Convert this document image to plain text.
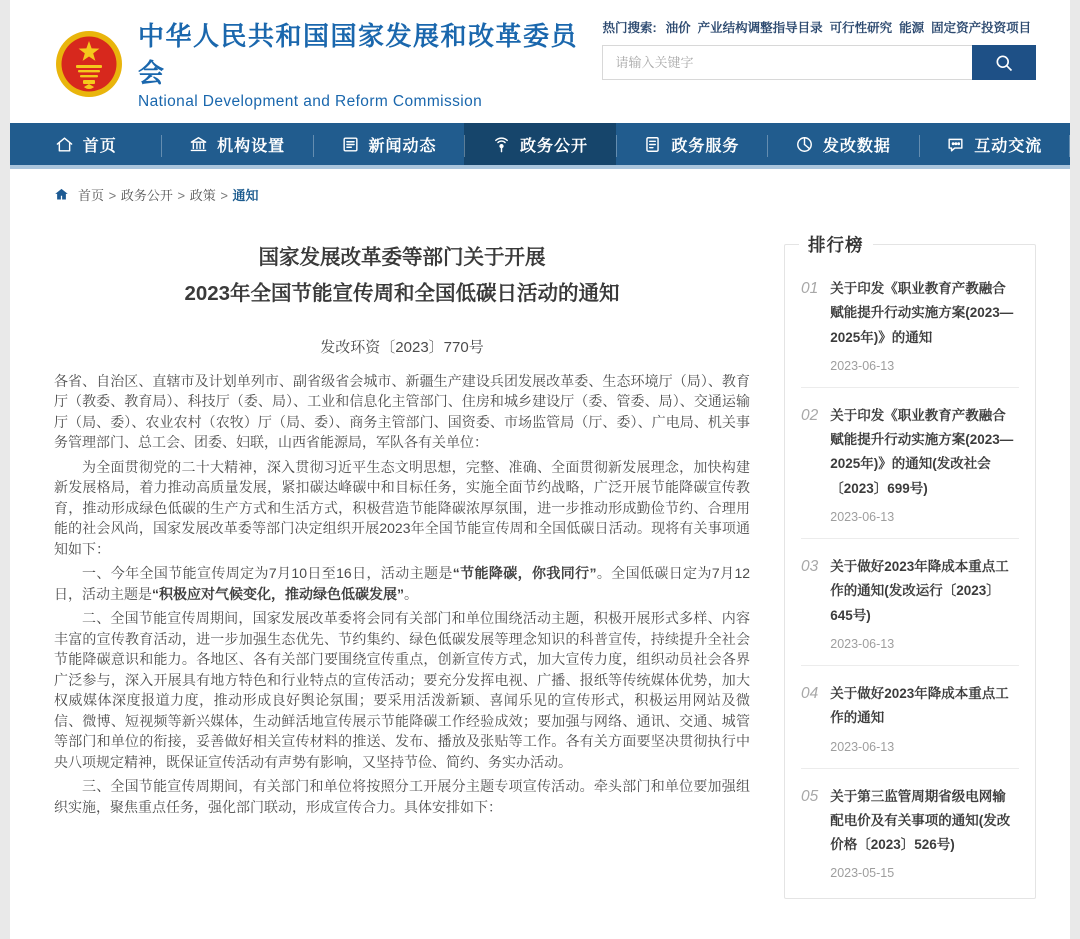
中华人民共和国国家发展和改革委员会
National Development and Reform Commission
热门搜索: 油价 产业结构调整指导目录 可行性研究 能源 固定资产投资项目
请输入关键字
首页	机构设置	新闻动态	政务公开	政务服务	发改数据	互动交流
首页 > 政务公开 > 政策 > 通知
国家发展改革委等部门关于开展
2023年全国节能宣传周和全国低碳日活动的通知
发改环资〔2023〕770号

各省、自治区、直辖市及计划单列市、副省级省会城市、新疆生产建设兵团发展改革委、生态环境厅（局）、教育厅（教委、教育局）、科技厅（委、局）、工业和信息化主管部门、住房和城乡建设厅（委、管委、局）、交通运输厅（局、委）、农业农村（农牧）厅（局、委）、商务主管部门、国资委、市场监管局（厅、委）、广电局、机关事务管理部门、总工会、团委、妇联，山西省能源局，军队各有关单位：

为全面贯彻党的二十大精神，深入贯彻习近平生态文明思想，完整、准确、全面贯彻新发展理念，加快构建新发展格局，着力推动高质量发展，紧扣碳达峰碳中和目标任务，实施全面节约战略，广泛开展节能降碳宣传教育，推动形成绿色低碳的生产方式和生活方式，积极营造节能降碳浓厚氛围，进一步推动形成勤俭节约、合理用能的社会风尚，国家发展改革委等部门决定组织开展2023年全国节能宣传周和全国低碳日活动。现将有关事项通知如下：

一、今年全国节能宣传周定为7月10日至16日，活动主题是“节能降碳，你我同行”。全国低碳日定为7月12日，活动主题是“积极应对气候变化，推动绿色低碳发展”。

二、全国节能宣传周期间，国家发展改革委将会同有关部门和单位围绕活动主题，积极开展形式多样、内容丰富的宣传教育活动，进一步加强生态优先、节约集约、绿色低碳发展等理念知识的科普宣传，持续提升全社会节能降碳意识和能力。各地区、各有关部门要围绕宣传重点，创新宣传方式，加大宣传力度，组织动员社会各界广泛参与，深入开展具有地方特色和行业特点的宣传活动；要充分发挥电视、广播、报纸等传统媒体优势，加大权威媒体深度报道力度，推动形成良好舆论氛围；要采用活泼新颖、喜闻乐见的宣传形式，积极运用网站及微信、微博、短视频等新兴媒体，生动鲜活地宣传展示节能降碳工作经验成效；要加强与网络、通讯、交通、城管等部门和单位的衔接，妥善做好相关宣传材料的推送、发布、播放及张贴等工作。各有关方面要坚决贯彻执行中央八项规定精神，既保证宣传活动有声势有影响，又坚持节俭、简约、务实办活动。

三、全国节能宣传周期间，有关部门和单位将按照分工开展分主题专项宣传活动。牵头部门和单位要加强组织实施，聚焦重点任务，强化部门联动，形成宣传合力。具体安排如下：

排行榜
01 关于印发《职业教育产教融合赋能提升行动实施方案(2023—2025年)》的通知
2023-06-13
02 关于印发《职业教育产教融合赋能提升行动实施方案(2023—2025年)》的通知(发改社会〔2023〕699号)
2023-06-13
03 关于做好2023年降成本重点工作的通知(发改运行〔2023〕645号)
2023-06-13
04 关于做好2023年降成本重点工作的通知
2023-06-13
05 关于第三监管周期省级电网输配电价及有关事项的通知(发改价格〔2023〕526号)
2023-05-15
